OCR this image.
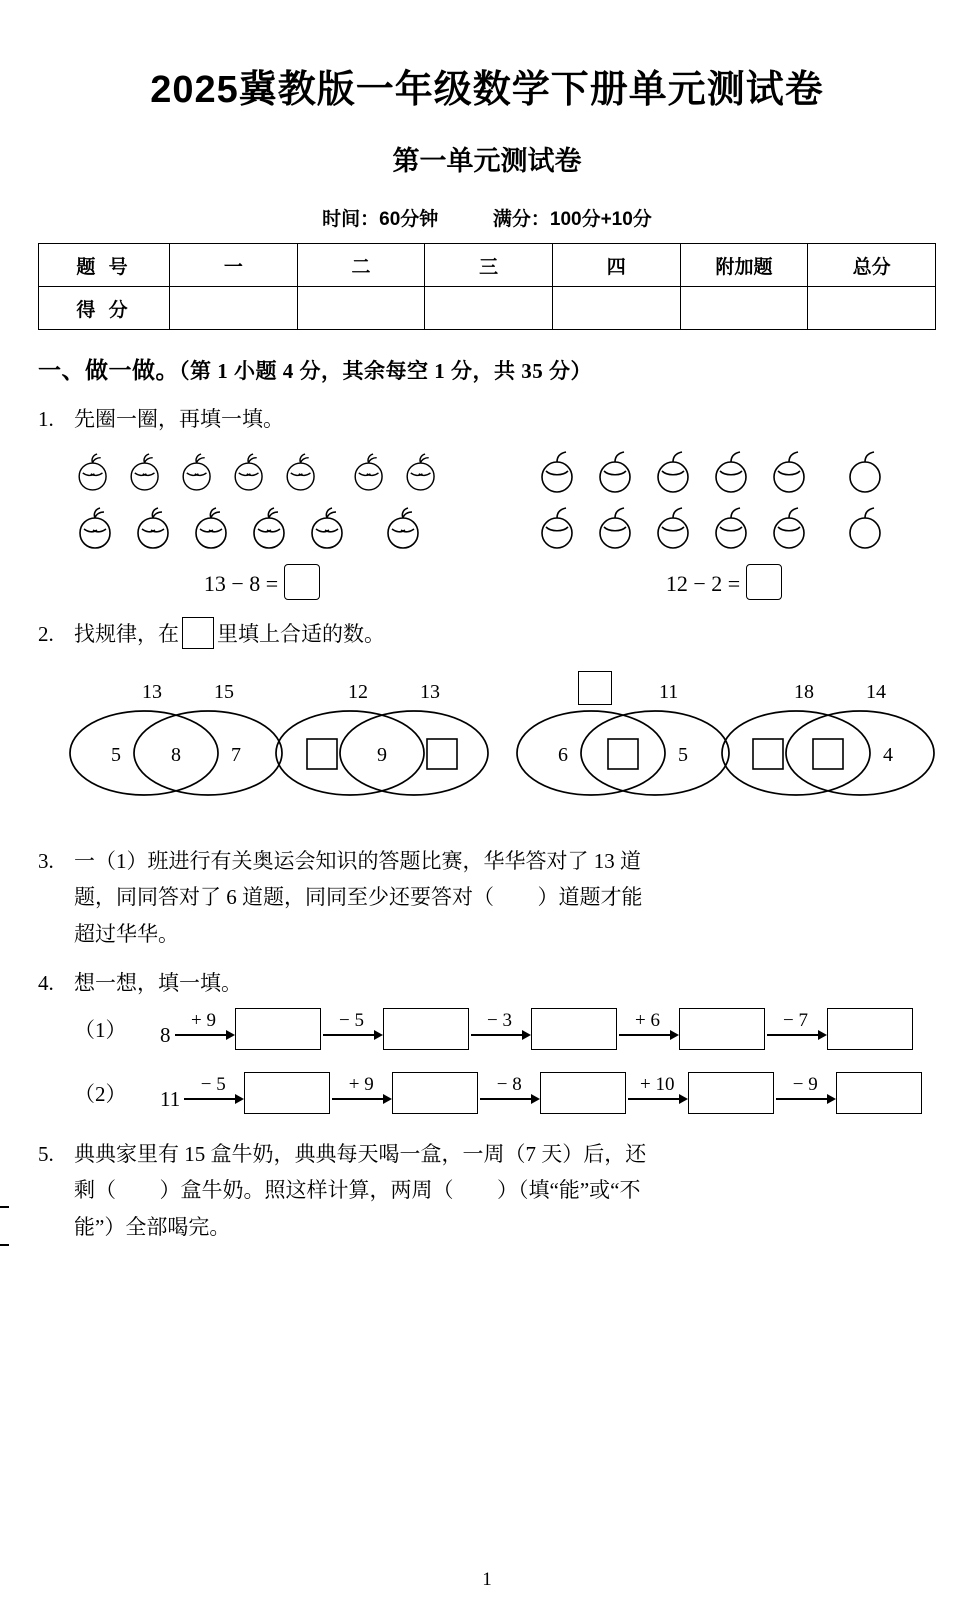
2025冀教版一年级数学下册单元测试卷
第一单元测试卷
时间：60分钟	满分：100分+10分
题 号	一	二	三	四	附加题	总分
得 分						
一、做一做。（第 1 小题 4 分，其余每空 1 分，共 35 分）
1. 先圈一圈，再填一填。
13 − 8 =	12 − 2 =
2. 找规律，在 里填上合适的数。
13	15
5	8	7
12	13
9
11
6	5
18	14
4
3. 一（1）班进行有关奥运会知识的答题比赛，华华答对了 13 道
题，同同答对了 6 道题，同同至少还要答对（ ）道题才能
超过华华。
4. 想一想，填一填。
（1）	8
+ 9	− 5	− 3	+ 6	− 7
（2）	11
− 5	+ 9	− 8	+ 10	− 9
5. 典典家里有 15 盒牛奶，典典每天喝一盒，一周（7 天）后，还
剩（ ）盒牛奶。照这样计算，两周（ ）（填“能”或“不
能”）全部喝完。
1
